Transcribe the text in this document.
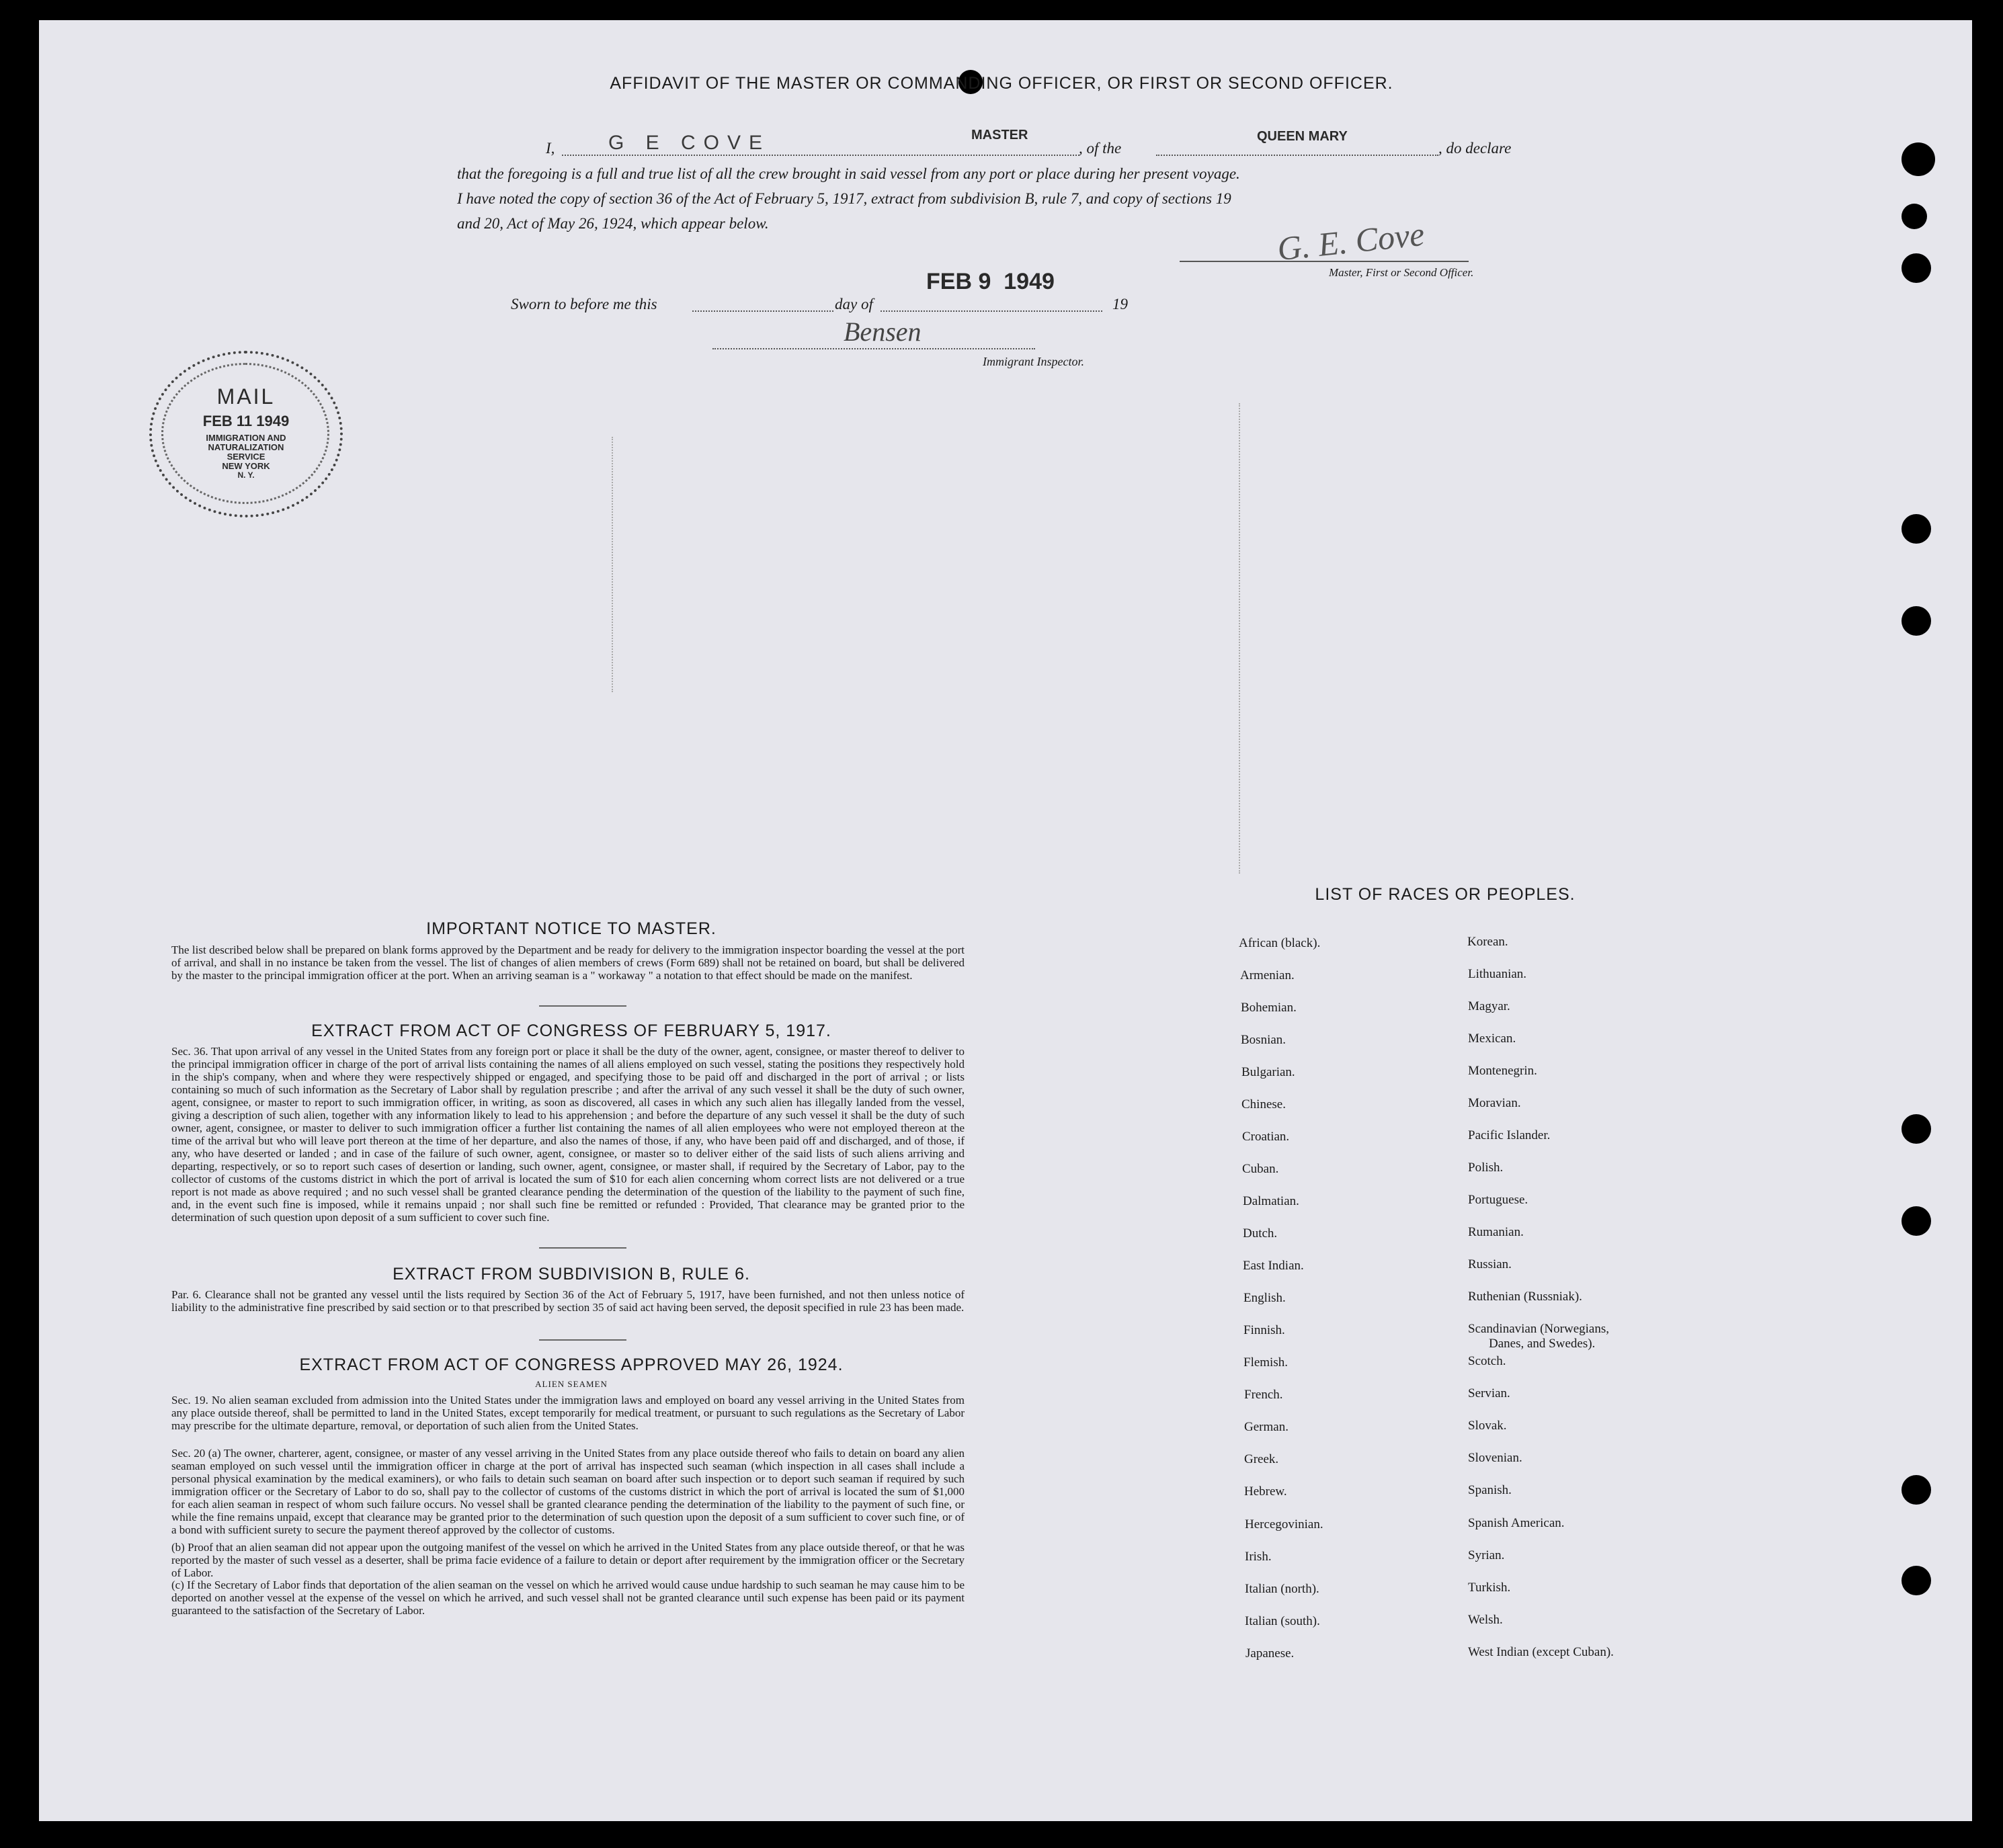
AFFIDAVIT OF THE MASTER OR COMMANDING OFFICER, OR FIRST OR SECOND OFFICER.
I,	G E COVE	MASTER
, of the
QUEEN MARY
, do declare
that the foregoing is a full and true list of all the crew brought in said vessel from any port or place during her present voyage.
I have noted the copy of section 36 of the Act of February 5, 1917, extract from subdivision B, rule 7, and copy of sections 19
and 20, Act of May 26, 1924, which appear below.	G. E. Cove
Master, First or Second Officer.
Sworn to before me this	day of
FEB 9  1949
19
Bensen
Immigrant Inspector.
MAIL
FEB 11 1949
IMMIGRATION AND
NATURALIZATION
SERVICE
NEW YORK
N. Y.
IMPORTANT NOTICE TO MASTER.
The list described below shall be prepared on blank forms approved by the Department and be ready for delivery to the immigration inspector boarding the vessel at the port of arrival, and shall in no instance be taken from the vessel. The list of changes of alien members of crews (Form 689) shall not be retained on board, but shall be delivered by the master to the principal immigration officer at the port. When an arriving seaman is a " workaway " a notation to that effect should be made on the manifest.
EXTRACT FROM ACT OF CONGRESS OF FEBRUARY 5, 1917.
Sec. 36. That upon arrival of any vessel in the United States from any foreign port or place it shall be the duty of the owner, agent, consignee, or master thereof to deliver to the principal immigration officer in charge of the port of arrival lists containing the names of all aliens employed on such vessel, stating the positions they respectively hold in the ship's company, when and where they were respectively shipped or engaged, and specifying those to be paid off and discharged in the port of arrival ; or lists containing so much of such information as the Secretary of Labor shall by regulation prescribe ; and after the arrival of any such vessel it shall be the duty of such owner, agent, consignee, or master to report to such immigration officer, in writing, as soon as discovered, all cases in which any such alien has illegally landed from the vessel, giving a description of such alien, together with any information likely to lead to his apprehension ; and before the departure of any such vessel it shall be the duty of such owner, agent, consignee, or master to deliver to such immigration officer a further list containing the names of all alien employees who were not employed thereon at the time of the arrival but who will leave port thereon at the time of her departure, and also the names of those, if any, who have been paid off and discharged, and of those, if any, who have deserted or landed ; and in case of the failure of such owner, agent, consignee, or master so to deliver either of the said lists of such aliens arriving and departing, respectively, or so to report such cases of desertion or landing, such owner, agent, consignee, or master shall, if required by the Secretary of Labor, pay to the collector of customs of the customs district in which the port of arrival is located the sum of $10 for each alien concerning whom correct lists are not delivered or a true report is not made as above required ; and no such vessel shall be granted clearance pending the determination of the question of the liability to the payment of such fine, and, in the event such fine is imposed, while it remains unpaid ; nor shall such fine be remitted or refunded : Provided, That clearance may be granted prior to the determination of such question upon deposit of a sum sufficient to cover such fine.
EXTRACT FROM SUBDIVISION B, RULE 6.
Par. 6. Clearance shall not be granted any vessel until the lists required by Section 36 of the Act of February 5, 1917, have been furnished, and not then unless notice of liability to the administrative fine prescribed by said section or to that prescribed by section 35 of said act having been served, the deposit specified in rule 23 has been made.
EXTRACT FROM ACT OF CONGRESS APPROVED MAY 26, 1924.
ALIEN SEAMEN
Sec. 19. No alien seaman excluded from admission into the United States under the immigration laws and employed on board any vessel arriving in the United States from any place outside thereof, shall be permitted to land in the United States, except temporarily for medical treatment, or pursuant to such regulations as the Secretary of Labor may prescribe for the ultimate departure, removal, or deportation of such alien from the United States.
Sec. 20 (a) The owner, charterer, agent, consignee, or master of any vessel arriving in the United States from any place outside thereof who fails to detain on board any alien seaman employed on such vessel until the immigration officer in charge at the port of arrival has inspected such seaman (which inspection in all cases shall include a personal physical examination by the medical examiners), or who fails to detain such seaman on board after such inspection or to deport such seaman if required by such immigration officer or the Secretary of Labor to do so, shall pay to the collector of customs of the customs district in which the port of arrival is located the sum of $1,000 for each alien seaman in respect of whom such failure occurs. No vessel shall be granted clearance pending the determination of the liability to the payment of such fine, or while the fine remains unpaid, except that clearance may be granted prior to the determination of such question upon the deposit of a sum sufficient to cover such fine, or of a bond with sufficient surety to secure the payment thereof approved by the collector of customs.
(b) Proof that an alien seaman did not appear upon the outgoing manifest of the vessel on which he arrived in the United States from any place outside thereof, or that he was reported by the master of such vessel as a deserter, shall be prima facie evidence of a failure to detain or deport after requirement by the immigration officer or the Secretary of Labor.
(c) If the Secretary of Labor finds that deportation of the alien seaman on the vessel on which he arrived would cause undue hardship to such seaman he may cause him to be deported on another vessel at the expense of the vessel on which he arrived, and such vessel shall not be granted clearance until such expense has been paid or its payment guaranteed to the satisfaction of the Secretary of Labor.
LIST OF RACES OR PEOPLES.
African (black).
Armenian.
Bohemian.
Bosnian.
Bulgarian.
Chinese.
Croatian.
Cuban.
Dalmatian.
Dutch.
East Indian.
English.
Finnish.
Flemish.
French.
German.
Greek.
Hebrew.
Hercegovinian.
Irish.
Italian (north).
Italian (south).
Japanese.
Korean.
Lithuanian.
Magyar.
Mexican.
Montenegrin.
Moravian.
Pacific Islander.
Polish.
Portuguese.
Rumanian.
Russian.
Ruthenian (Russniak).
Scandinavian (Norwegians,
Danes, and Swedes).
Scotch.
Servian.
Slovak.
Slovenian.
Spanish.
Spanish American.
Syrian.
Turkish.
Welsh.
West Indian (except Cuban).
